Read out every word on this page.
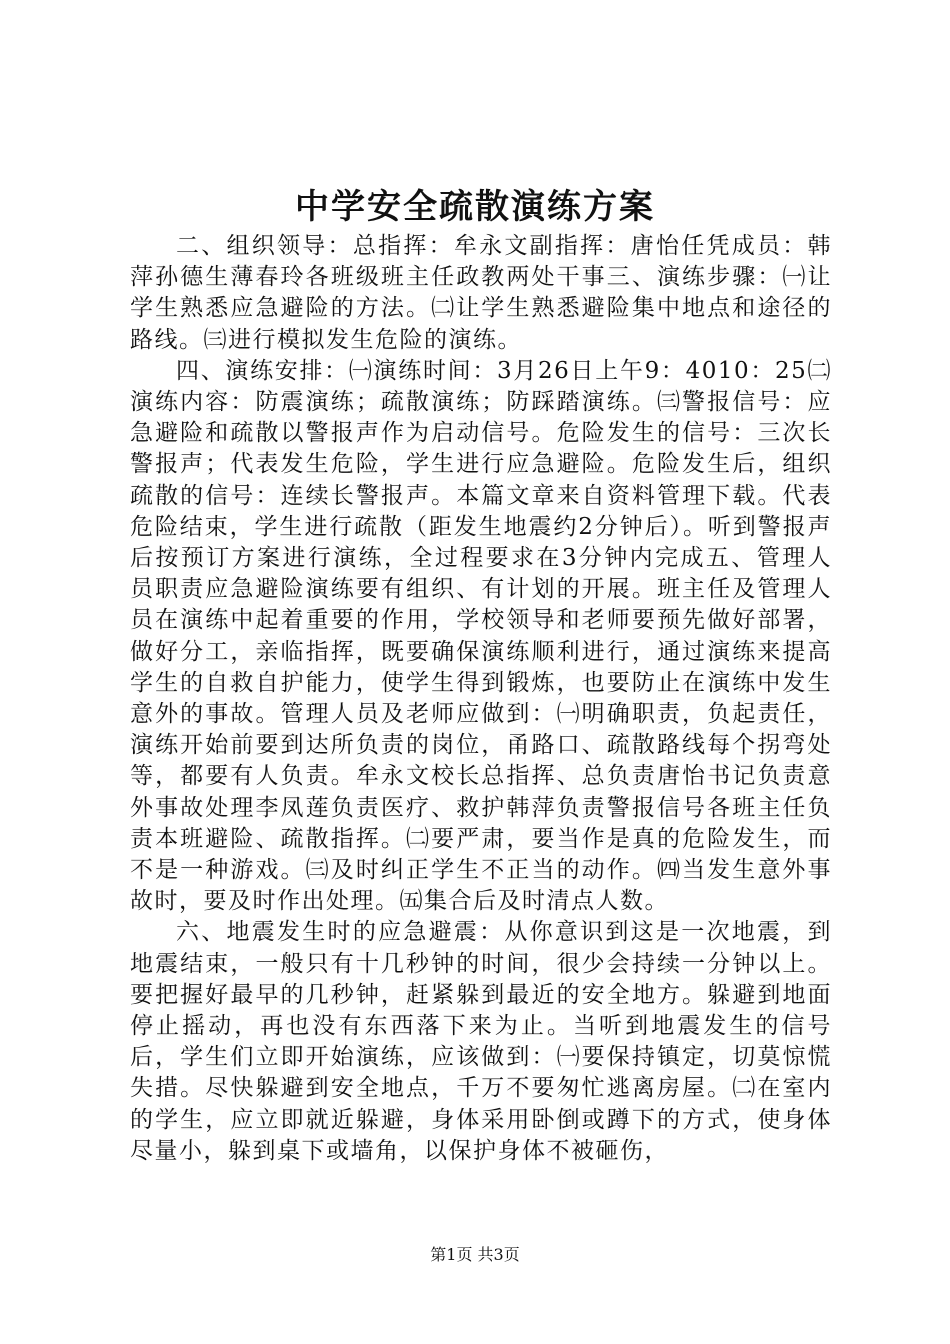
中学安全疏散演练方案

二、组织领导：总指挥：牟永文副指挥：唐怡任凭成员：韩萍孙德生薄春玲各班级班主任政教两处干事三、演练步骤：㈠让学生熟悉应急避险的方法。㈡让学生熟悉避险集中地点和途径的路线。㈢进行模拟发生危险的演练。

四、演练安排：㈠演练时间：3月26日上午9：4010：25㈡演练内容：防震演练；疏散演练；防踩踏演练。㈢警报信号：应急避险和疏散以警报声作为启动信号。危险发生的信号：三次长警报声；代表发生危险，学生进行应急避险。危险发生后，组织疏散的信号：连续长警报声。本篇文章来自资料管理下载。代表危险结束，学生进行疏散（距发生地震约2分钟后）。听到警报声后按预订方案进行演练，全过程要求在3分钟内完成五、管理人员职责应急避险演练要有组织、有计划的开展。班主任及管理人员在演练中起着重要的作用，学校领导和老师要预先做好部署，做好分工，亲临指挥，既要确保演练顺利进行，通过演练来提高学生的自救自护能力，使学生得到锻炼，也要防止在演练中发生意外的事故。管理人员及老师应做到：㈠明确职责，负起责任，演练开始前要到达所负责的岗位，甬路口、疏散路线每个拐弯处等，都要有人负责。牟永文校长总指挥、总负责唐怡书记负责意外事故处理李凤莲负责医疗、救护韩萍负责警报信号各班主任负责本班避险、疏散指挥。㈡要严肃，要当作是真的危险发生，而不是一种游戏。㈢及时纠正学生不正当的动作。㈣当发生意外事故时，要及时作出处理。㈤集合后及时清点人数。

六、地震发生时的应急避震：从你意识到这是一次地震，到地震结束，一般只有十几秒钟的时间，很少会持续一分钟以上。要把握好最早的几秒钟，赶紧躲到最近的安全地方。躲避到地面停止摇动，再也没有东西落下来为止。当听到地震发生的信号后，学生们立即开始演练，应该做到：㈠要保持镇定，切莫惊慌失措。尽快躲避到安全地点，千万不要匆忙逃离房屋。㈡在室内的学生，应立即就近躲避，身体采用卧倒或蹲下的方式，使身体尽量小，躲到桌下或墙角，以保护身体不被砸伤，

第1页 共3页
